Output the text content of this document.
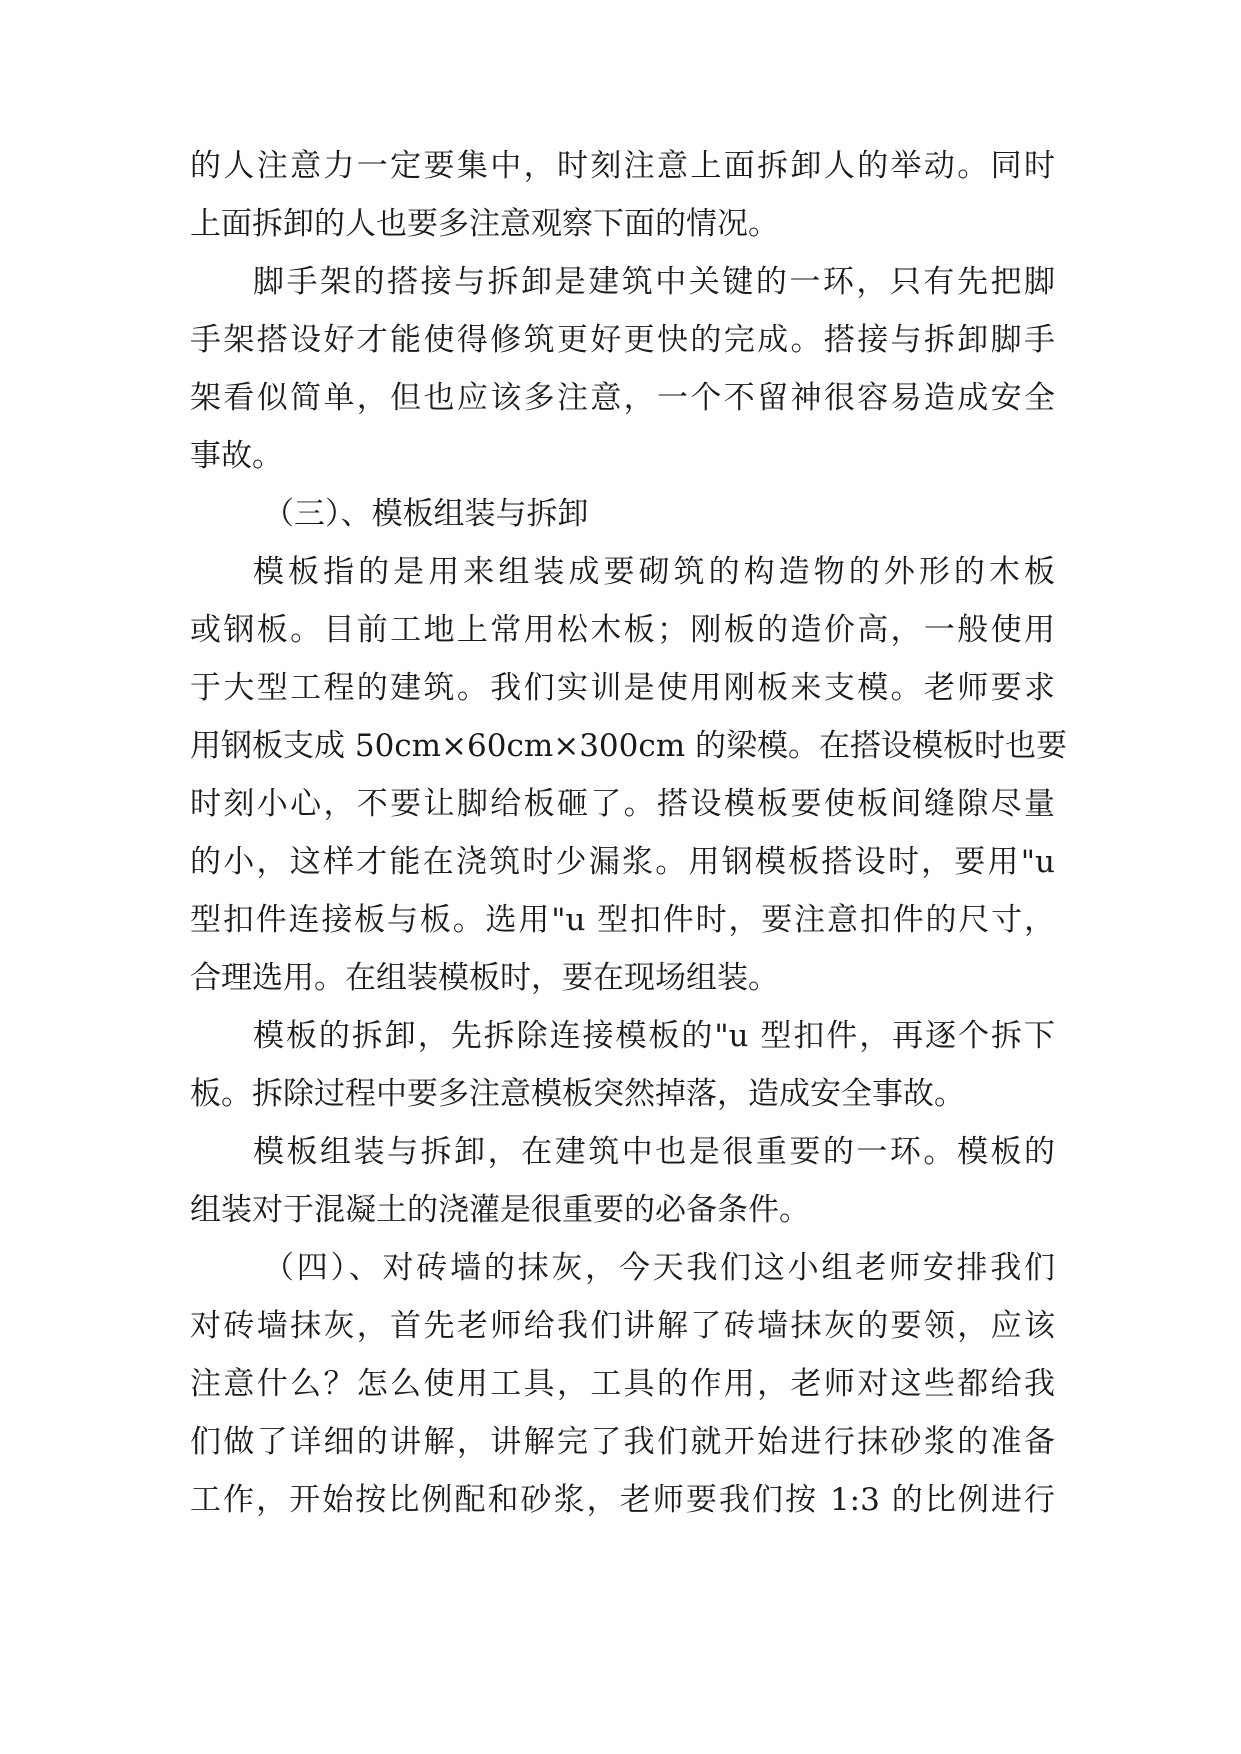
的人注意力一定要集中，时刻注意上面拆卸人的举动。同时
上面拆卸的人也要多注意观察下面的情况。
脚手架的搭接与拆卸是建筑中关键的一环，只有先把脚
手架搭设好才能使得修筑更好更快的完成。搭接与拆卸脚手
架看似简单，但也应该多注意，一个不留神很容易造成安全
事故。
（三）、模板组装与拆卸
模板指的是用来组装成要砌筑的构造物的外形的木板
或钢板。目前工地上常用松木板；刚板的造价高，一般使用
于大型工程的建筑。我们实训是使用刚板来支模。老师要求
用钢板支成 50cm×60cm×300cm 的梁模。在搭设模板时也要
时刻小心，不要让脚给板砸了。搭设模板要使板间缝隙尽量
的小，这样才能在浇筑时少漏浆。用钢模板搭设时，要用"u
型扣件连接板与板。选用"u 型扣件时，要注意扣件的尺寸，
合理选用。在组装模板时，要在现场组装。
模板的拆卸，先拆除连接模板的"u 型扣件，再逐个拆下
板。拆除过程中要多注意模板突然掉落，造成安全事故。
模板组装与拆卸，在建筑中也是很重要的一环。模板的
组装对于混凝土的浇灌是很重要的必备条件。
（四）、对砖墙的抹灰，今天我们这小组老师安排我们
对砖墙抹灰，首先老师给我们讲解了砖墙抹灰的要领，应该
注意什么？怎么使用工具，工具的作用，老师对这些都给我
们做了详细的讲解，讲解完了我们就开始进行抹砂浆的准备
工作，开始按比例配和砂浆，老师要我们按 1:3 的比例进行
